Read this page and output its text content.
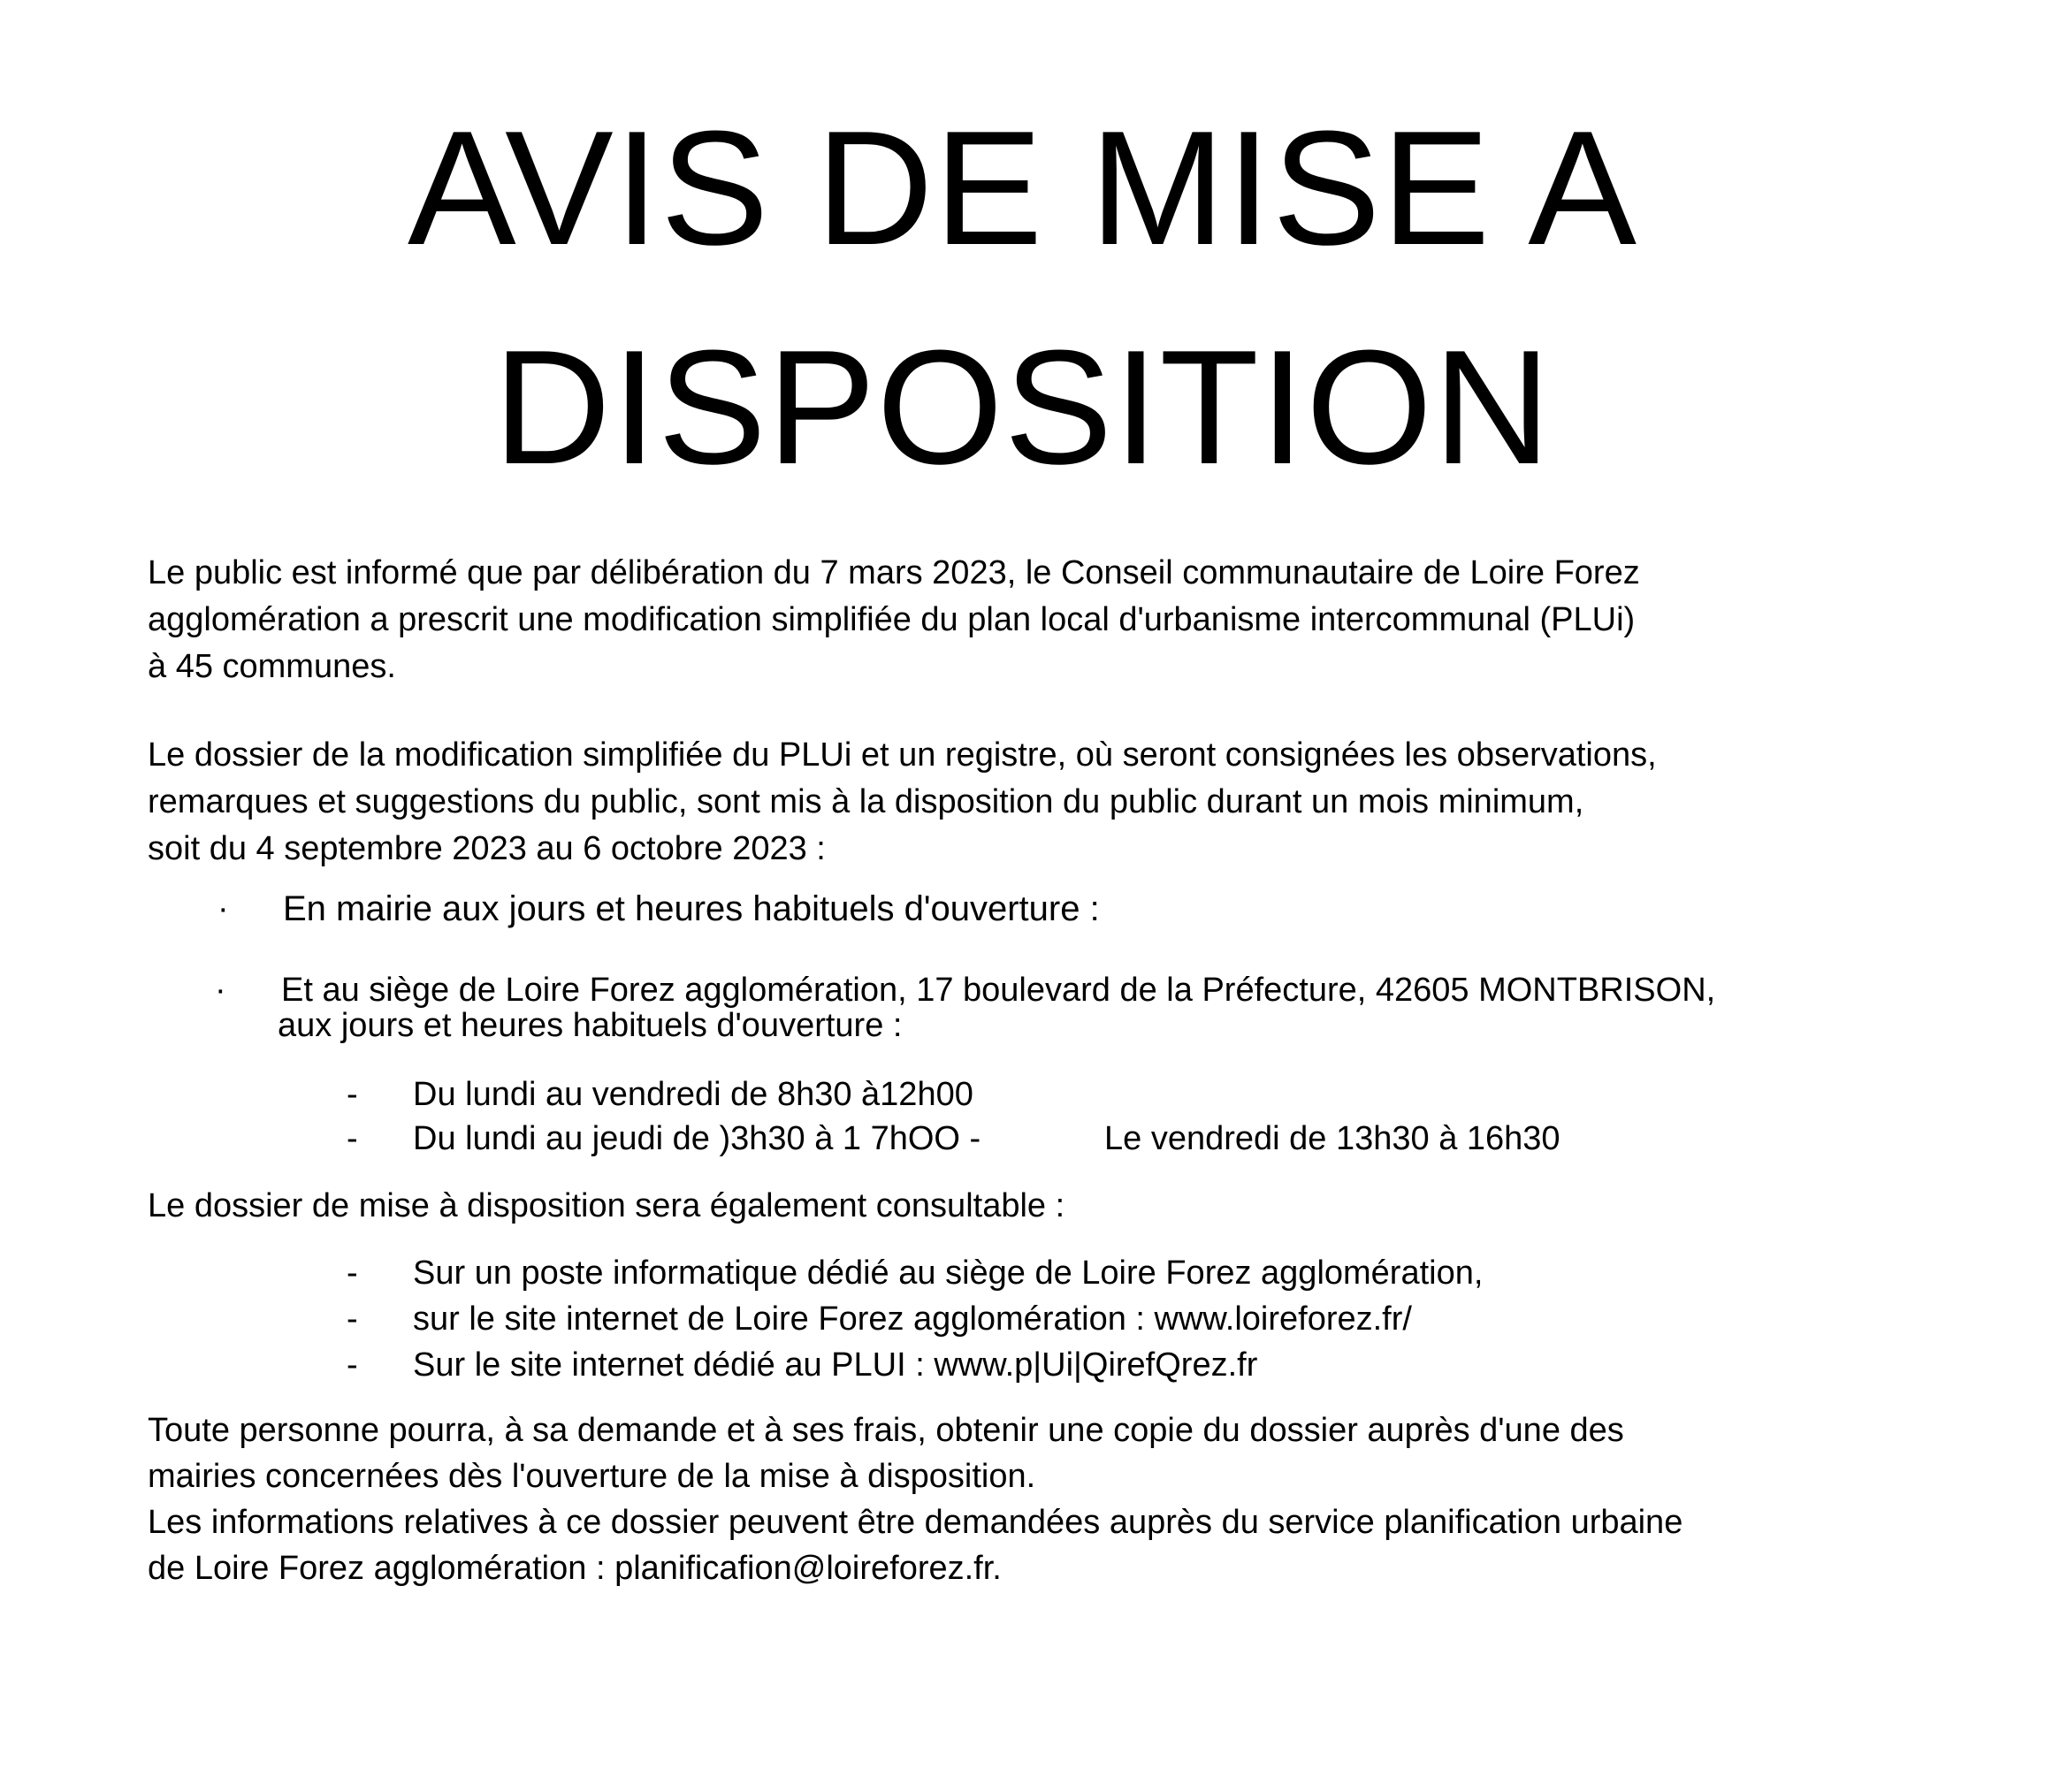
AVIS DE MISE A
DISPOSITION
Le public est informé que par délibération du 7 mars 2023, le Conseil communautaire de Loire Forez
agglomération a prescrit une modification simplifiée du plan local d'urbanisme intercommunal (PLUi)
à 45 communes.
Le dossier de la modification simplifiée du PLUi et un registre, où seront consignées les observations,
remarques et suggestions du public, sont mis à la disposition du public durant un mois minimum,
soit du 4 septembre 2023 au 6 octobre 2023 :
· En mairie aux jours et heures habituels d'ouverture :
· Et au siège de Loire Forez agglomération, 17 boulevard de la Préfecture, 42605 MONTBRISON,
aux jours et heures habituels d'ouverture :
- Du lundi au vendredi de 8h30 à12h00
- Du lundi au jeudi de )3h30 à 1 7hOO -	Le vendredi de 13h30 à 16h30
Le dossier de mise à disposition sera également consultable :
- Sur un poste informatique dédié au siège de Loire Forez agglomération,
- sur le site internet de Loire Forez agglomération : www.loireforez.fr/
- Sur le site internet dédié au PLUI : www.p|Ui|QirefQrez.fr
Toute personne pourra, à sa demande et à ses frais, obtenir une copie du dossier auprès d'une des
mairies concernées dès l'ouverture de la mise à disposition.
Les informations relatives à ce dossier peuvent être demandées auprès du service planification urbaine
de Loire Forez agglomération : planificafion@loireforez.fr.
